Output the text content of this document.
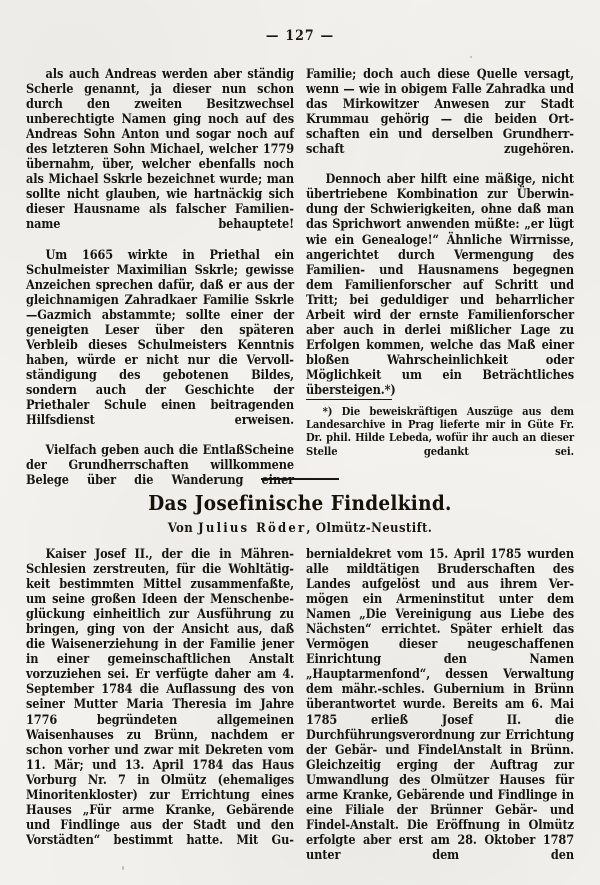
— 127 —

als auch Andreas werden aber ständig Scherle genannt, ja dieser nun schon durch den zweiten Besitzwechsel unberechtigte Namen ging noch auf des Andreas Sohn Anton und sogar noch auf des letzteren Sohn Michael, welcher 1779 übernahm, über, welcher ebenfalls noch als Michael Sskrle bezeichnet wurde; man sollte nicht glauben, wie hartnäckig sich dieser Hausname als falscher Familienname behauptete!

Um 1665 wirkte in Priethal ein Schulmeister Maximilian Sskrle; gewisse Anzeichen sprechen dafür, daß er aus der gleichnamigen Zahradkaer Familie Sskrle—Gazmich abstammte; sollte einer der geneigten Leser über den späteren Verbleib dieses Schulmeisters Kenntnis haben, würde er nicht nur die Vervollständigung des gebotenen Bildes, sondern auch der Geschichte der Priethaler Schule einen beitragenden Hilfsdienst erweisen.

Vielfach geben auch die EntlaßScheine der Grundherrschaften willkommene Belege über die Wanderung einer

Familie; doch auch diese Quelle versagt, wenn — wie in obigem Falle Zahradka und das Mirkowitzer Anwesen zur Stadt Krummau gehörig — die beiden Ortschaften ein und derselben Grundherrschaft zugehören.

Dennoch aber hilft eine mäßige, nicht übertriebene Kombination zur Überwindung der Schwierigkeiten, ohne daß man das Sprichwort anwenden müßte: „er lügt wie ein Genealoge!“ Ähnliche Wirrnisse, angerichtet durch Vermengung des Familien- und Hausnamens begegnen dem Familienforscher auf Schritt und Tritt; bei geduldiger und beharrlicher Arbeit wird der ernste Familienforscher aber auch in derlei mißlicher Lage zu Erfolgen kommen, welche das Maß einer bloßen Wahrscheinlichkeit oder Möglichkeit um ein Beträchtliches übersteigen.*)

*) Die beweiskräftigen Auszüge aus dem Landesarchive in Prag lieferte mir in Güte Fr. Dr. phil. Hilde Lebeda, wofür ihr auch an dieser Stelle gedankt sei.

Das Josefinische Findelkind.
Von Julius Röder, Olmütz-Neustift.

Kaiser Josef II., der die in MährenSchlesien zerstreuten, für die Wohltätigkeit bestimmten Mittel zusammenfaßte, um seine großen Ideen der Menschenbeglückung einheitlich zur Ausführung zu bringen, ging von der Ansicht aus, daß die Waisenerziehung in der Familie jener in einer gemeinschaftlichen Anstalt vorzuziehen sei. Er verfügte daher am 4. September 1784 die Auflassung des von seiner Mutter Maria Theresia im Jahre 1776 begründeten allgemeinen Waisenhauses zu Brünn, nachdem er schon vorher und zwar mit Dekreten vom 11. Mär; und 13. April 1784 das Haus Vorburg Nr. 7 in Olmütz (ehemaliges Minoritenkloster) zur Errichtung eines Hauses „Für arme Kranke, Gebärende und Findlinge aus der Stadt und den Vorstädten“ bestimmt hatte. Mit Gu

bernialdekret vom 15. April 1785 wurden alle mildtätigen Bruderschaften des Landes aufgelöst und aus ihrem Vermögen ein Armeninstitut unter dem Namen „Die Vereinigung aus Liebe des Nächsten“ errichtet. Später erhielt das Vermögen dieser neugeschaffenen Einrichtung den Namen „Hauptarmenfond“, dessen Verwaltung dem mähr.-schles. Gubernium in Brünn überantwortet wurde. Bereits am 6. Mai 1785 erließ Josef II. die Durchführungsverordnung zur Errichtung der Gebär- und FindelAnstalt in Brünn. Gleichzeitig erging der Auftrag zur Umwandlung des Olmützer Hauses für arme Kranke, Gebärende und Findlinge in eine Filiale der Brünner Gebär- und Findel-Anstalt. Die Eröffnung in Olmütz erfolgte aber erst am 28. Oktober 1787 unter dem den
